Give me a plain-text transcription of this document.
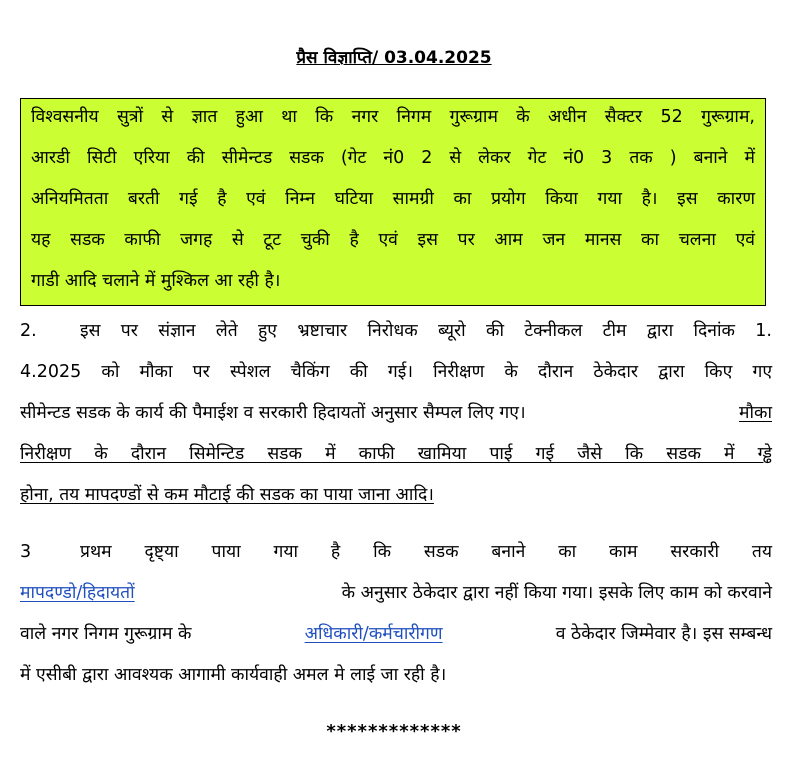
प्रैस विज्ञाप्ति/ 03.04.2025
विश्वसनीय सुत्रों से ज्ञात हुआ था कि नगर निगम गुरूग्राम के अधीन सैक्टर 52 गुरूग्राम,
आरडी सिटी एरिया की सीमेन्टड सडक (गेट नं0 2 से लेकर गेट नं0 3 तक ) बनाने में
अनियमितता बरती गई है एवं निम्न घटिया सामग्री का प्रयोग किया गया है। इस कारण
यह सडक काफी जगह से टूट चुकी है एवं इस पर आम जन मानस का चलना एवं
गाडी आदि चलाने में मुश्किल आ रही है।
2. इस पर संज्ञान लेते हुए भ्रष्टाचार निरोधक ब्यूरो की टेक्नीकल टीम द्वारा दिनांक 1.
4.2025 को मौका पर स्पेशल चैकिंग की गई। निरीक्षण के दौरान ठेकेदार द्वारा किए गए
सीमेन्टड सडक के कार्य की पैमाईश व सरकारी हिदायतों अनुसार सैम्पल लिए गए।	मौका
निरीक्षण के दौरान सिमेन्टिड सडक में काफी खामिया पाई गई जैसे कि सडक में ग्ड्ढे
होना, तय मापदण्डों से कम मौटाई की सडक का पाया जाना आदि।
3	प्रथम दृष्ट्या पाया गया है कि सडक बनाने का काम सरकारी तय
मापदण्डो/हिदायतों	के अनुसार ठेकेदार द्वारा नहीं किया गया। इसके लिए काम को करवाने
वाले नगर निगम गुरूग्राम के	अधिकारी/कर्मचारीगण	व ठेकेदार जिम्मेवार है। इस सम्बन्ध
में एसीबी द्वारा आवश्यक आगामी कार्यवाही अमल मे लाई जा रही है।
*************
